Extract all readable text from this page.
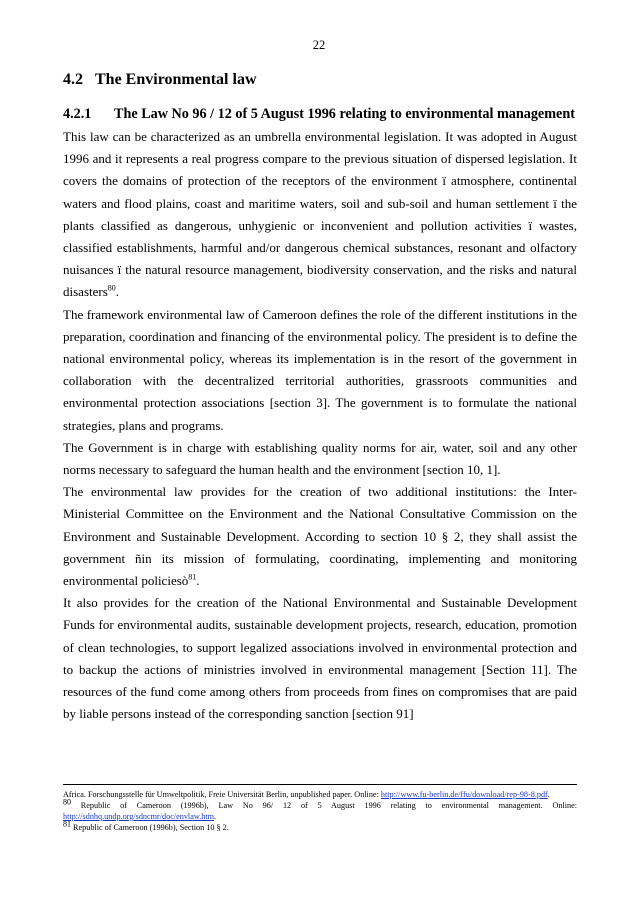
22
4.2 The Environmental law
4.2.1	The Law No 96 / 12 of 5 August 1996 relating to environmental management

This law can be characterized as an umbrella environmental legislation. It was adopted in August 1996 and it represents a real progress compare to the previous situation of dispersed legislation. It covers the domains of protection of the receptors of the environment ï atmosphere, continental waters and flood plains, coast and maritime waters, soil and sub-soil and human settlement ï the plants classified as dangerous, unhygienic or inconvenient and pollution activities ï wastes, classified establishments, harmful and/or dangerous chemical substances, resonant and olfactory nuisances ï the natural resource management, biodiversity conservation, and the risks and natural disasters$^{80}$.

The framework environmental law of Cameroon defines the role of the different institutions in the preparation, coordination and financing of the environmental policy. The president is to define the national environmental policy, whereas its implementation is in the resort of the government in collaboration with the decentralized territorial authorities, grassroots communities and environmental protection associations [section 3]. The government is to formulate the national strategies, plans and programs.

The Government is in charge with establishing quality norms for air, water, soil and any other norms necessary to safeguard the human health and the environment [section 10, 1].

The environmental law provides for the creation of two additional institutions: the Inter-Ministerial Committee on the Environment and the National Consultative Commission on the Environment and Sustainable Development. According to section 10 § 2, they shall assist the government ñin its mission of formulating, coordinating, implementing and monitoring environmental policiesò$^{81}$.

It also provides for the creation of the National Environmental and Sustainable Development Funds for environmental audits, sustainable development projects, research, education, promotion of clean technologies, to support legalized associations involved in environmental protection and to backup the actions of ministries involved in environmental management [Section 11]. The resources of the fund come among others from proceeds from fines on compromises that are paid by liable persons instead of the corresponding sanction [section 91]

Africa. Forschungsstelle für Umweltpolitik, Freie Universität Berlin, unpublished paper. Online: http://www.fu-berlin.de/ffu/download/rep-98-8.pdf.
$^{80}$ Republic of Cameroon (1996b), Law No 96/ 12 of 5 August 1996 relating to environmental management. Online: http://sdnhq.undp.org/sdncmr/doc/envlaw.htm.
$^{81}$ Republic of Cameroon (1996b), Section 10 § 2.
